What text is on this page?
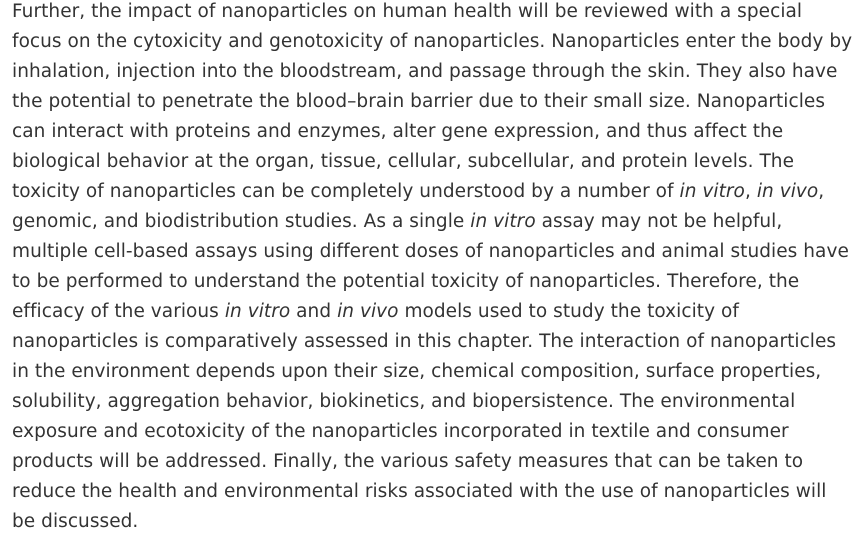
Further, the impact of nanoparticles on human health will be reviewed with a special
focus on the cytoxicity and genotoxicity of nanoparticles. Nanoparticles enter the body by
inhalation, injection into the bloodstream, and passage through the skin. They also have
the potential to penetrate the blood–brain barrier due to their small size. Nanoparticles
can interact with proteins and enzymes, alter gene expression, and thus affect the
biological behavior at the organ, tissue, cellular, subcellular, and protein levels. The
toxicity of nanoparticles can be completely understood by a number of in vitro, in vivo,
genomic, and biodistribution studies. As a single in vitro assay may not be helpful,
multiple cell-based assays using different doses of nanoparticles and animal studies have
to be performed to understand the potential toxicity of nanoparticles. Therefore, the
efficacy of the various in vitro and in vivo models used to study the toxicity of
nanoparticles is comparatively assessed in this chapter. The interaction of nanoparticles
in the environment depends upon their size, chemical composition, surface properties,
solubility, aggregation behavior, biokinetics, and biopersistence. The environmental
exposure and ecotoxicity of the nanoparticles incorporated in textile and consumer
products will be addressed. Finally, the various safety measures that can be taken to
reduce the health and environmental risks associated with the use of nanoparticles will
be discussed.
